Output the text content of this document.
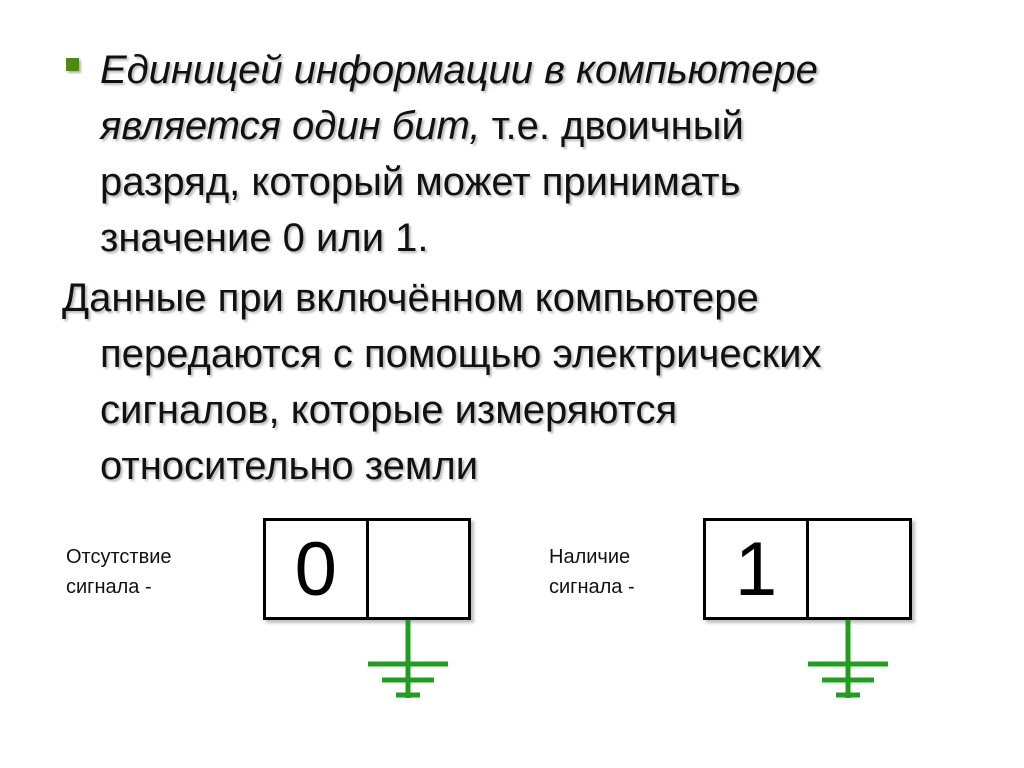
Единицей информации в компьютере
является один бит, т.е. двоичный
разряд, который может принимать
значение 0 или 1.

Данные при включённом компьютере
передаются с помощью электрических
сигналов, которые измеряются
относительно земли

Отсутствие
сигнала -	0	Наличие
сигнала -	1
